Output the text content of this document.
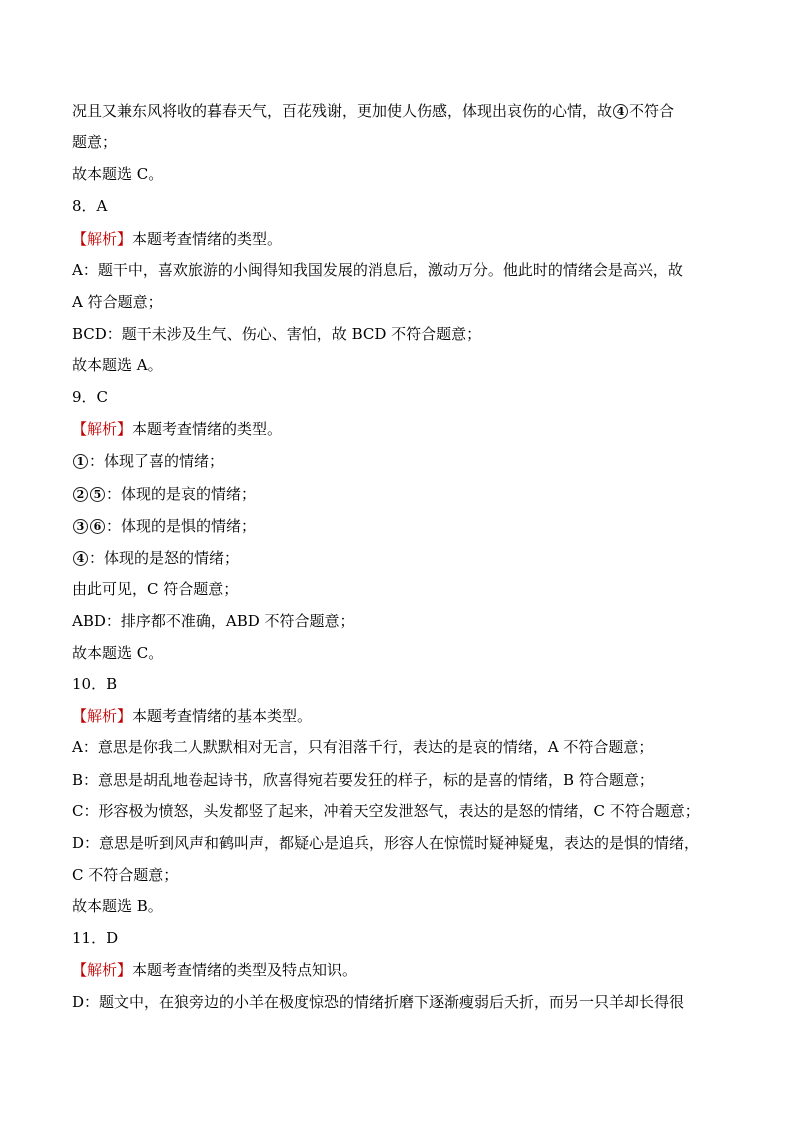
况且又兼东风将收的暮春天气，百花残谢，更加使人伤感，体现出哀伤的心情，故 4 不符合
题意；
故本题选 C。
8．A
【解析】本题考查情绪的类型。
A：题干中，喜欢旅游的小闽得知我国发展的消息后，激动万分。他此时的情绪会是高兴，故
A 符合题意；
BCD：题干未涉及生气、伤心、害怕，故 BCD 不符合题意；
故本题选 A。
9．C
【解析】本题考查情绪的类型。
1 ：体现了喜的情绪；
2 5 ：体现的是哀的情绪；
3 6 ：体现的是惧的情绪；
4 ：体现的是怒的情绪；
由此可见，C 符合题意；
ABD：排序都不准确，ABD 不符合题意；
故本题选 C。
10．B
【解析】本题考查情绪的基本类型。
A：意思是你我二人默默相对无言，只有泪落千行，表达的是哀的情绪，A 不符合题意；
B：意思是胡乱地卷起诗书，欣喜得宛若要发狂的样子，标的是喜的情绪，B 符合题意；
C：形容极为愤怒，头发都竖了起来，冲着天空发泄怒气，表达的是怒的情绪，C 不符合题意；
D：意思是听到风声和鹤叫声，都疑心是追兵，形容人在惊慌时疑神疑鬼，表达的是惧的情绪，
C 不符合题意；
故本题选 B。
11．D
【解析】本题考查情绪的类型及特点知识。
D：题文中，在狼旁边的小羊在极度惊恐的情绪折磨下逐渐瘦弱后夭折，而另一只羊却长得很
